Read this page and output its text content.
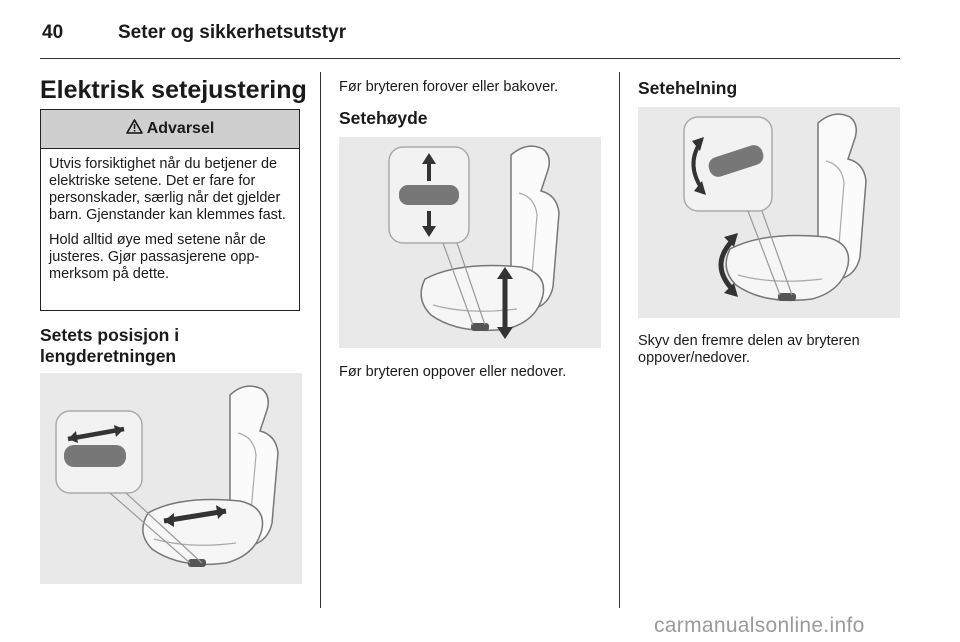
40	Seter og sikkerhetsutstyr
Elektrisk setejustering
Advarsel

Utvis forsiktighet når du betjener de elektriske setene. Det er fare for personskader, særlig når det gjelder barn. Gjenstander kan klemmes fast.

Hold alltid øye med setene når de justeres. Gjør passasjerene opp-merksom på dette.

Setets posisjon i
lengderetningen
Før bryteren forover eller bakover.
Setehøyde
Før bryteren oppover eller nedover.
Setehelning
Skyv den fremre delen av bryteren
oppover/nedover.
carmanualsonline.info
